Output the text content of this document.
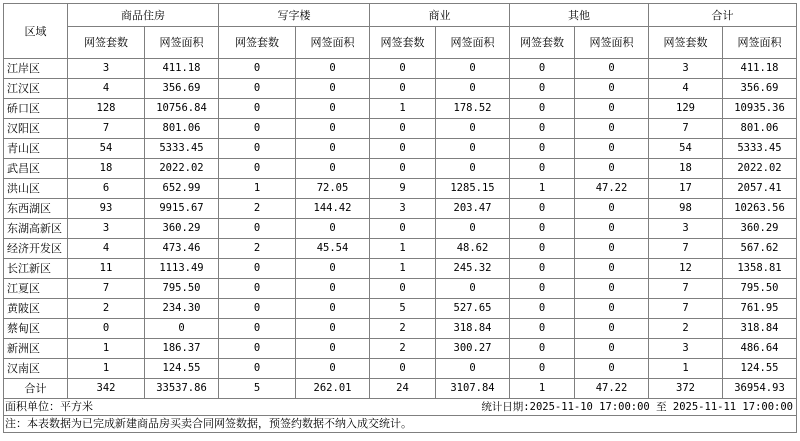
区域	商品住房		写字楼		商业		其他		合计	
	网签套数	网签面积	网签套数	网签面积	网签套数	网签面积	网签套数	网签面积	网签套数	网签面积
江岸区	3	411.18	0	0	0	0	0	0	3	411.18
江汉区	4	356.69	0	0	0	0	0	0	4	356.69
硚口区	128	10756.84	0	0	1	178.52	0	0	129	10935.36
汉阳区	7	801.06	0	0	0	0	0	0	7	801.06
青山区	54	5333.45	0	0	0	0	0	0	54	5333.45
武昌区	18	2022.02	0	0	0	0	0	0	18	2022.02
洪山区	6	652.99	1	72.05	9	1285.15	1	47.22	17	2057.41
东西湖区	93	9915.67	2	144.42	3	203.47	0	0	98	10263.56
东湖高新区	3	360.29	0	0	0	0	0	0	3	360.29
经济开发区	4	473.46	2	45.54	1	48.62	0	0	7	567.62
长江新区	11	1113.49	0	0	1	245.32	0	0	12	1358.81
江夏区	7	795.50	0	0	0	0	0	0	7	795.50
黄陂区	2	234.30	0	0	5	527.65	0	0	7	761.95
蔡甸区	0	0	0	0	2	318.84	0	0	2	318.84
新洲区	1	186.37	0	0	2	300.27	0	0	3	486.64
汉南区	1	124.55	0	0	0	0	0	0	1	124.55
合计	342	33537.86	5	262.01	24	3107.84	1	47.22	372	36954.93

面积单位：平方米 统计日期:2025-11-10 17:00:00 至 2025-11-11 17:00:00										

注：本表数据为已完成新建商品房买卖合同网签数据，预签约数据不纳入成交统计。										
